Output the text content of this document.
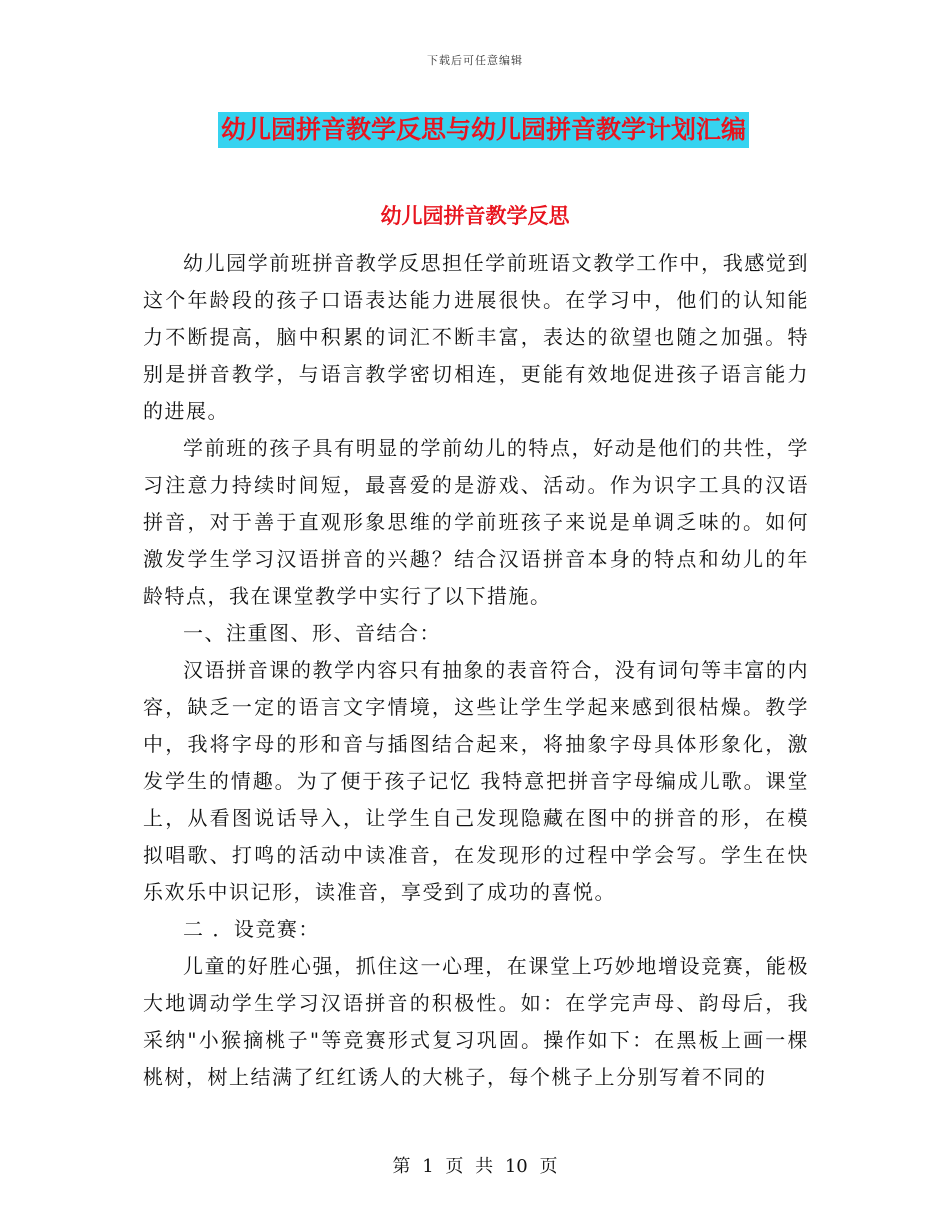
下载后可任意编辑
幼儿园拼音教学反思与幼儿园拼音教学计划汇编
幼儿园拼音教学反思

幼儿园学前班拼音教学反思担任学前班语文教学工作中，我感觉到这个年龄段的孩子口语表达能力进展很快。在学习中，他们的认知能力不断提高，脑中积累的词汇不断丰富，表达的欲望也随之加强。特别是拼音教学，与语言教学密切相连，更能有效地促进孩子语言能力的进展。

学前班的孩子具有明显的学前幼儿的特点，好动是他们的共性，学习注意力持续时间短，最喜爱的是游戏、活动。作为识字工具的汉语拼音，对于善于直观形象思维的学前班孩子来说是单调乏味的。如何激发学生学习汉语拼音的兴趣？结合汉语拼音本身的特点和幼儿的年龄特点，我在课堂教学中实行了以下措施。

一、注重图、形、音结合：

汉语拼音课的教学内容只有抽象的表音符合，没有词句等丰富的内容，缺乏一定的语言文字情境，这些让学生学起来感到很枯燥。教学中，我将字母的形和音与插图结合起来，将抽象字母具体形象化，激发学生的情趣。为了便于孩子记忆 我特意把拼音字母编成儿歌。课堂上，从看图说话导入，让学生自己发现隐藏在图中的拼音的形，在模拟唱歌、打鸣的活动中读准音，在发现形的过程中学会写。学生在快乐欢乐中识记形，读准音，享受到了成功的喜悦。

二 ．设竞赛：

儿童的好胜心强，抓住这一心理，在课堂上巧妙地增设竞赛，能极大地调动学生学习汉语拼音的积极性。如：在学完声母、韵母后，我采纳"小猴摘桃子"等竞赛形式复习巩固。操作如下：在黑板上画一棵桃树，树上结满了红红诱人的大桃子，每个桃子上分别写着不同的

第 1 页 共 10 页
